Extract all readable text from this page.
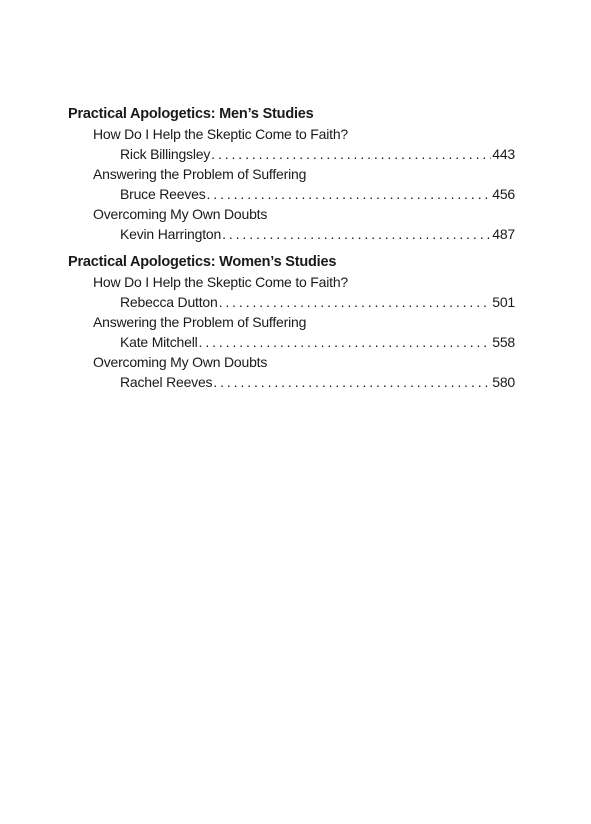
Practical Apologetics: Men’s Studies
How Do I Help the Skeptic Come to Faith?
Rick Billingsley . . .	443
Answering the Problem of Suffering
Bruce Reeves . . .	456
Overcoming My Own Doubts
Kevin Harrington . . .	487
Practical Apologetics: Women’s Studies
How Do I Help the Skeptic Come to Faith?
Rebecca Dutton . . .	501
Answering the Problem of Suffering
Kate Mitchell . . .	558
Overcoming My Own Doubts
Rachel Reeves . . .	580
